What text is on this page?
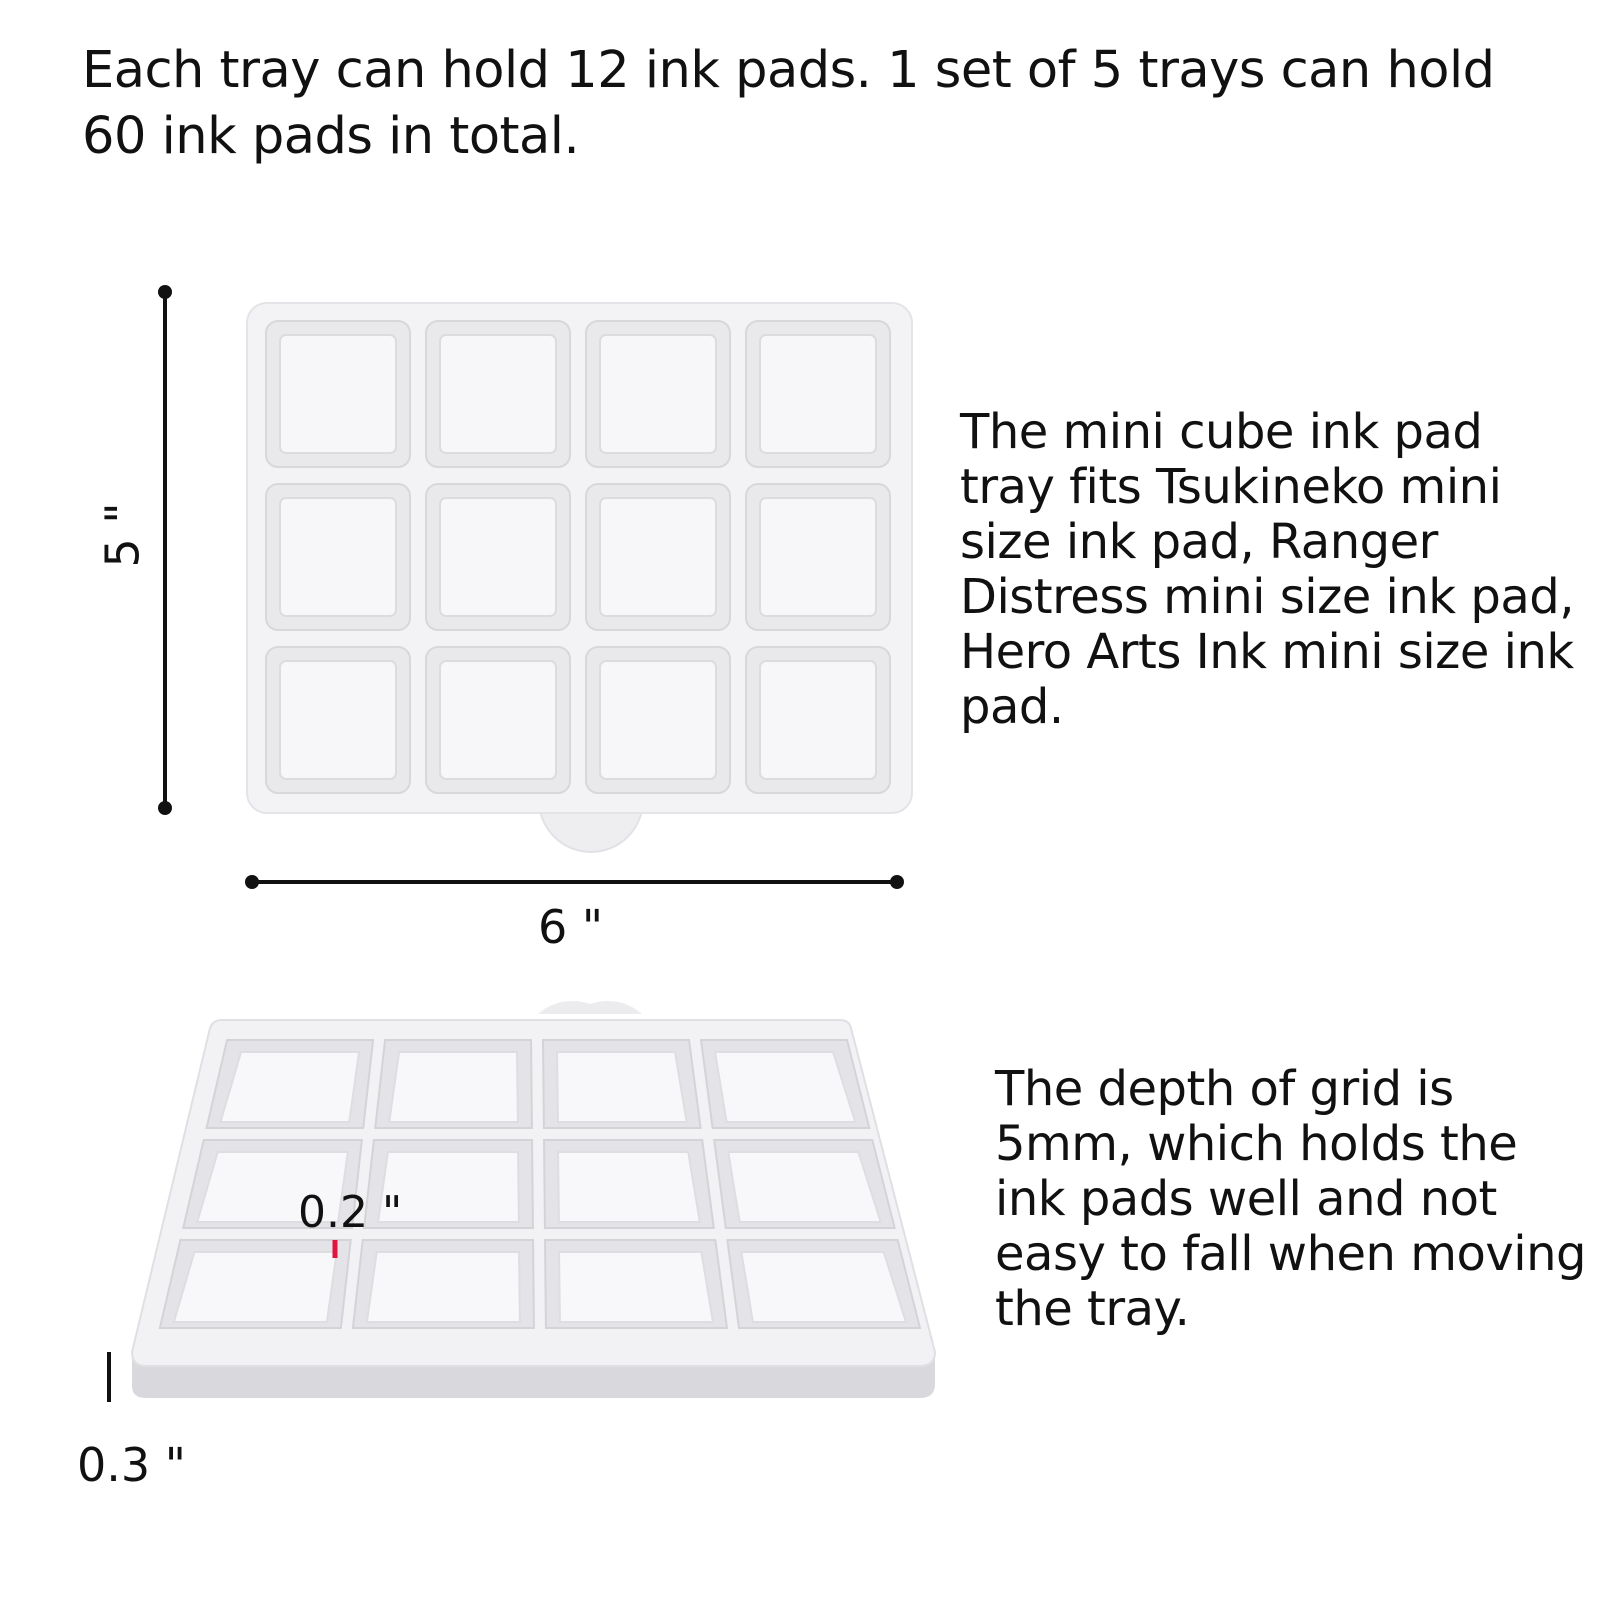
Each tray can hold 12 ink pads. 1 set of 5 trays can hold 60 ink pads in total.

The mini cube ink pad tray fits Tsukineko mini size ink pad, Ranger Distress mini size ink pad, Hero Arts Ink mini size ink pad.

The depth of grid is 5mm, which holds the ink pads well and not easy to fall when moving the tray.

5 "
6 "
0.2 "
0.3 "
